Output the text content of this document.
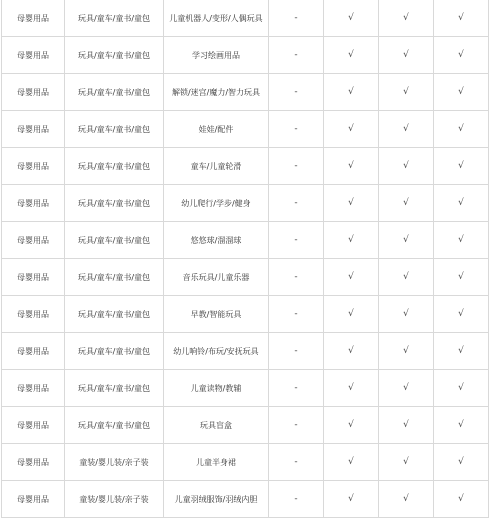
母婴用品	玩具/童车/童书/童包	儿童机器人/变形/人偶玩具	-	√	√	√
母婴用品	玩具/童车/童书/童包	学习绘画用品	-	√	√	√
母婴用品	玩具/童车/童书/童包	解锁/迷宫/魔力/智力玩具	-	√	√	√
母婴用品	玩具/童车/童书/童包	娃娃/配件	-	√	√	√
母婴用品	玩具/童车/童书/童包	童车/儿童轮滑	-	√	√	√
母婴用品	玩具/童车/童书/童包	幼儿爬行/学步/健身	-	√	√	√
母婴用品	玩具/童车/童书/童包	悠悠球/溜溜球	-	√	√	√
母婴用品	玩具/童车/童书/童包	音乐玩具/儿童乐器	-	√	√	√
母婴用品	玩具/童车/童书/童包	早教/智能玩具	-	√	√	√
母婴用品	玩具/童车/童书/童包	幼儿响铃/布玩/安抚玩具	-	√	√	√
母婴用品	玩具/童车/童书/童包	儿童读物/教辅	-	√	√	√
母婴用品	玩具/童车/童书/童包	玩具盲盒	-	√	√	√
母婴用品	童装/婴儿装/亲子装	儿童半身裙	-	√	√	√
母婴用品	童装/婴儿装/亲子装	儿童羽绒服饰/羽绒内胆	-	√	√	√
